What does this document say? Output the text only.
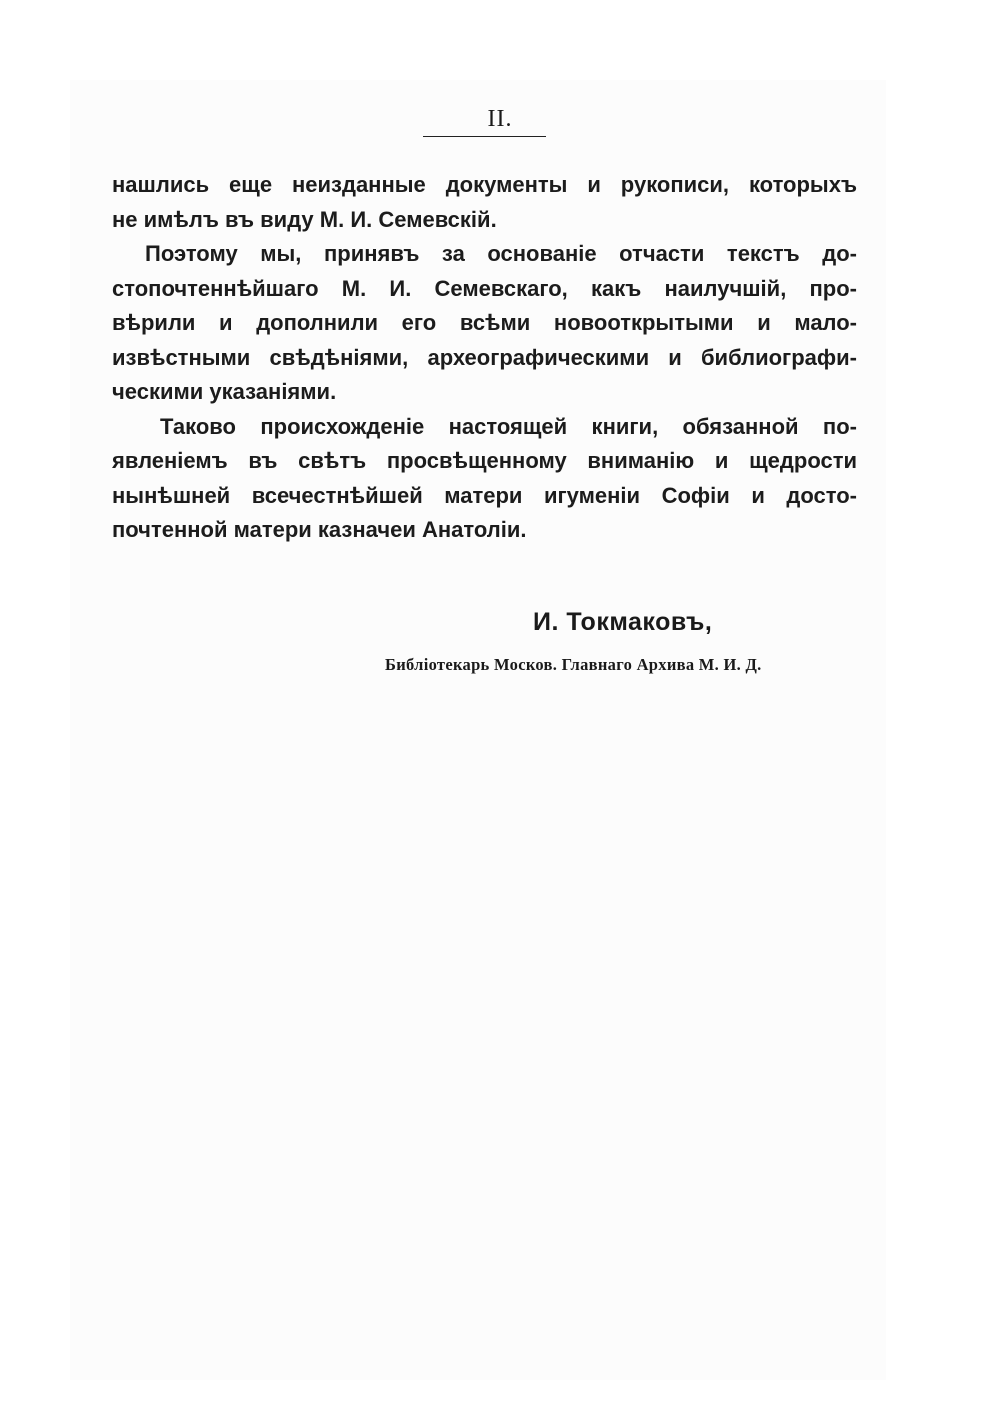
II.
нашлись еще неизданные документы и рукописи, которыхъ
не имѣлъ въ виду М. И. Семевскій.
Поэтому мы, принявъ за основаніе отчасти текстъ до-
стопочтеннѣйшаго М. И. Семевскаго, какъ наилучшій, про-
вѣрили и дополнили его всѣми новооткрытыми и мало-
извѣстными свѣдѣніями, археографическими и библиографи-
ческими указаніями.
Таково происхожденіе настоящей книги, обязанной по-
явленіемъ въ свѣтъ просвѣщенному вниманію и щедрости
нынѣшней всечестнѣйшей матери игуменіи Софіи и досто-
почтенной матери казначеи Анатоліи.
И. Токмаковъ,
Библіотекарь Москов. Главнаго Архива М. И. Д.
